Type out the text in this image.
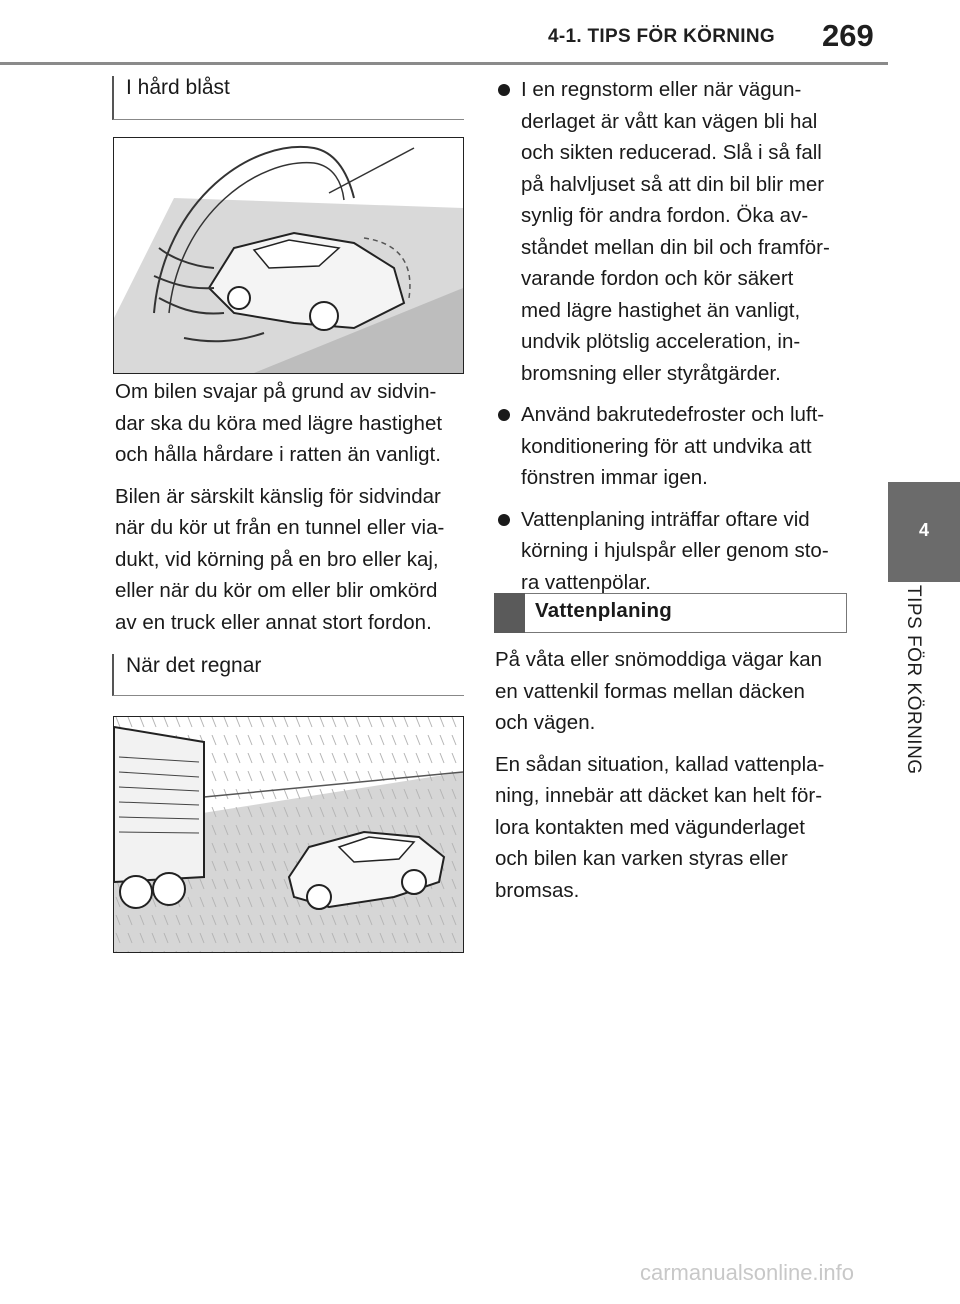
4-1. TIPS FÖR KÖRNING 269
4
TIPS FÖR KÖRNING
I hård blåst
Om bilen svajar på grund av sidvin-
dar ska du köra med lägre hastighet
och hålla hårdare i ratten än vanligt.
Bilen är särskilt känslig för sidvindar
när du kör ut från en tunnel eller via-
dukt, vid körning på en bro eller kaj,
eller när du kör om eller blir omkörd
av en truck eller annat stort fordon.
När det regnar
I en regnstorm eller när vägun-
derlaget är vått kan vägen bli hal
och sikten reducerad. Slå i så fall
på halvljuset så att din bil blir mer
synlig för andra fordon. Öka av-
ståndet mellan din bil och framför-
varande fordon och kör säkert
med lägre hastighet än vanligt,
undvik plötslig acceleration, in-
bromsning eller styråtgärder.
Använd bakrutedefroster och luft-
konditionering för att undvika att
fönstren immar igen.
Vattenplaning inträffar oftare vid
körning i hjulspår eller genom sto-
ra vattenpölar.
Vattenplaning
På våta eller snömoddiga vägar kan
en vattenkil formas mellan däcken
och vägen.
En sådan situation, kallad vattenpla-
ning, innebär att däcket kan helt för-
lora kontakten med vägunderlaget
och bilen kan varken styras eller
bromsas.
carmanualsonline.info
